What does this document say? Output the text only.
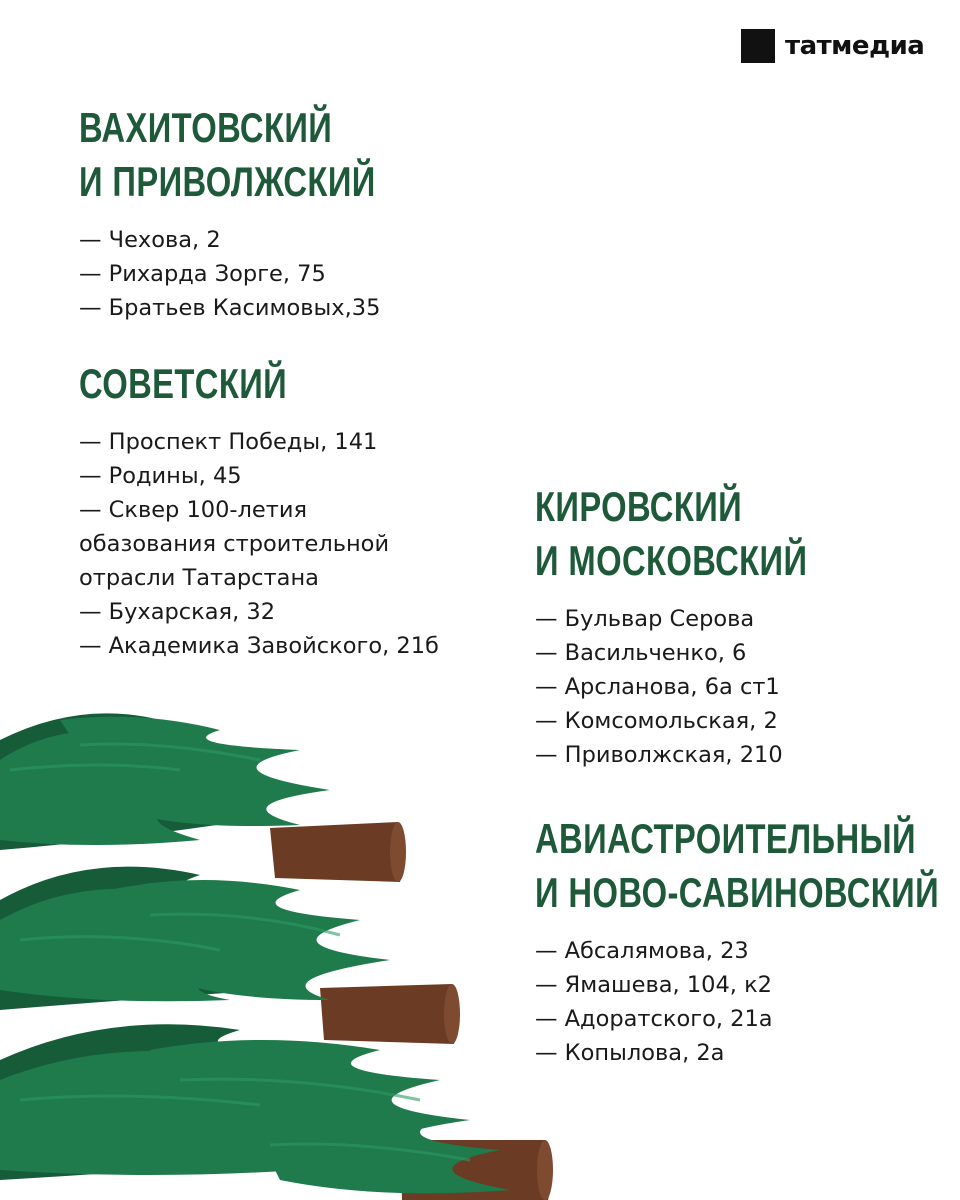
татмедиа
ВАХИТОВСКИЙ
И ПРИВОЛЖСКИЙ
— Чехова, 2
— Рихарда Зорге, 75
— Братьев Касимовых,35
СОВЕТСКИЙ
— Проспект Победы, 141
— Родины, 45
— Сквер 100-летия обазования строительной отрасли Татарстана
— Бухарская, 32
— Академика Завойского, 21б
КИРОВСКИЙ
И МОСКОВСКИЙ
— Бульвар Серова
— Васильченко, 6
— Арсланова, 6а ст1
— Комсомольская, 2
— Приволжская, 210
АВИАСТРОИТЕЛЬНЫЙ
И НОВО-САВИНОВСКИЙ
— Абсалямова, 23
— Ямашева, 104, к2
— Адоратского, 21а
— Копылова, 2а
